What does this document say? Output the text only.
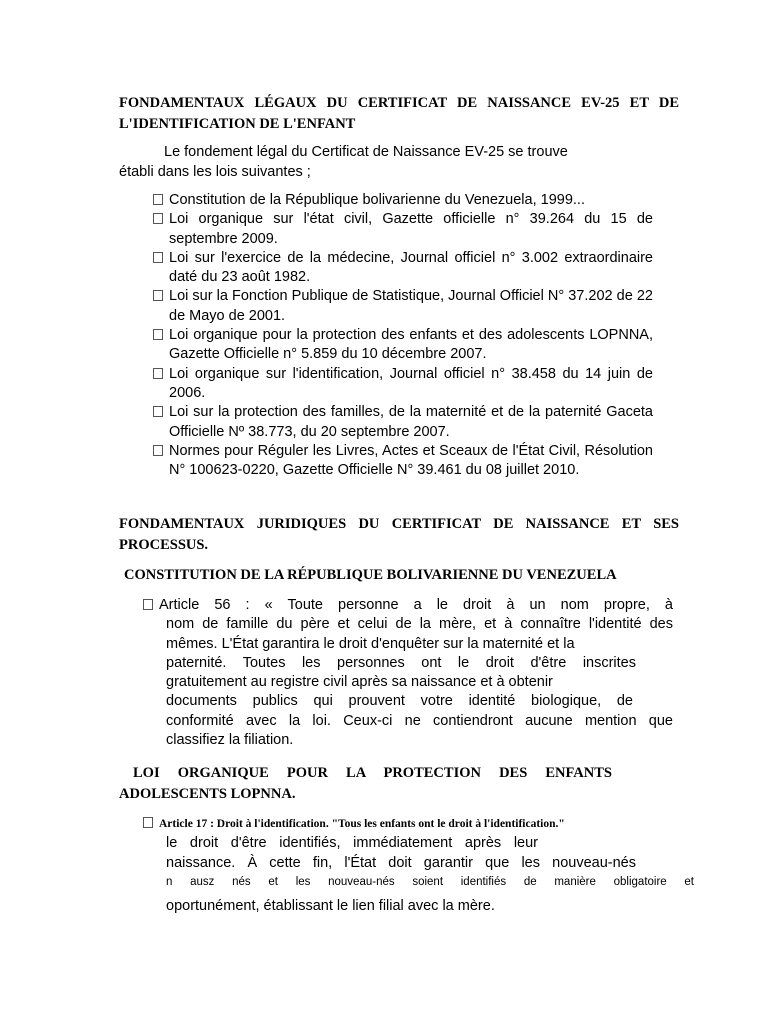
FONDAMENTAUX LÉGAUX DU CERTIFICAT DE NAISSANCE EV-25 ET DE L'IDENTIFICATION DE L'ENFANT
Le fondement légal du Certificat de Naissance EV-25 se trouve
établi dans les lois suivantes ;
Constitution de la République bolivarienne du Venezuela, 1999...
Loi organique sur l'état civil, Gazette officielle n° 39.264 du 15 de septembre 2009.
Loi sur l'exercice de la médecine, Journal officiel n° 3.002 extraordinaire daté du 23 août 1982.
Loi sur la Fonction Publique de Statistique, Journal Officiel N° 37.202 de 22 de Mayo de 2001.
Loi organique pour la protection des enfants et des adolescents LOPNNA, Gazette Officielle n° 5.859 du 10 décembre 2007.
Loi organique sur l'identification, Journal officiel n° 38.458 du 14 juin de 2006.
Loi sur la protection des familles, de la maternité et de la paternité Gaceta Officielle Nº 38.773, du 20 septembre 2007.
Normes pour Réguler les Livres, Actes et Sceaux de l'État Civil, Résolution N° 100623-0220, Gazette Officielle N° 39.461 du 08 juillet 2010.
FONDAMENTAUX JURIDIQUES DU CERTIFICAT DE NAISSANCE ET SES PROCESSUS.
CONSTITUTION DE LA RÉPUBLIQUE BOLIVARIENNE DU VENEZUELA
Article 56 : « Toute personne a le droit à un nom propre, à
nom de famille du père et celui de la mère, et à connaître l'identité des
mêmes. L'État garantira le droit d'enquêter sur la maternité et la
paternité. Toutes les personnes ont le droit d'être inscrites
gratuitement au registre civil après sa naissance et à obtenir
documents publics qui prouvent votre identité biologique, de
conformité avec la loi. Ceux-ci ne contiendront aucune mention que
classifiez la filiation.
LOI ORGANIQUE POUR LA PROTECTION DES ENFANTS
ADOLESCENTS LOPNNA.
Article 17 : Droit à l'identification. "Tous les enfants ont le droit à l'identification."
le droit d'être identifiés, immédiatement après leur
naissance. À cette fin, l'État doit garantir que les nouveau-nés
n ausz nés et les nouveau-nés soient identifiés de manière obligatoire et
oportunément, établissant le lien filial avec la mère.
